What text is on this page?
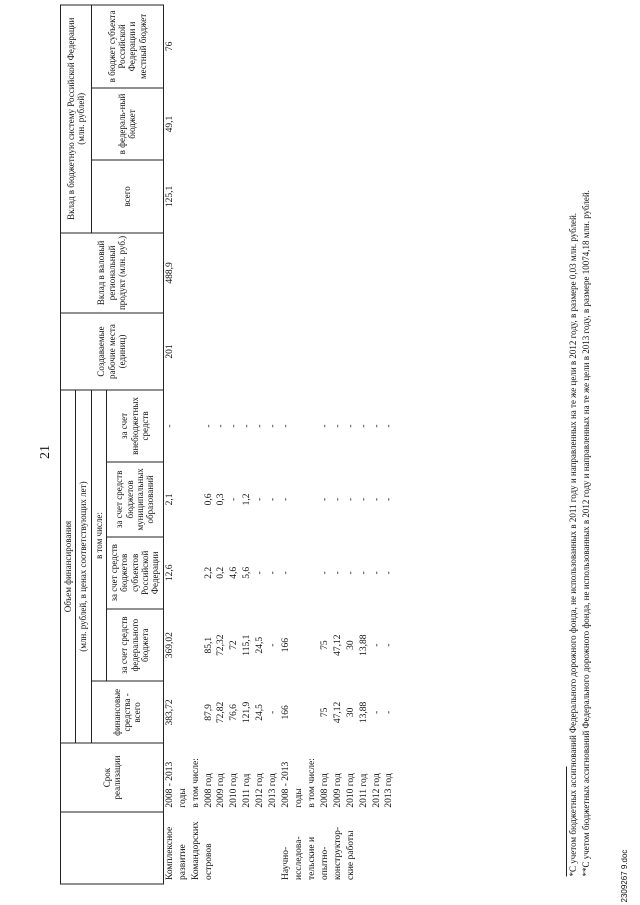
21
	Срок реализации	Объем финансирования					Создаваемые рабочие места (единиц)	Вклад в валовый региональный продукт (млн. руб.)	Вклад в бюджетную систему Российской Федерации (млн. рублей)		
		(млн. рублей, в ценах соответствующих лет)									
		финансовые средства - всего	в том числе:						всего	в федераль-ный бюджет	в бюджет субъекта Российской Федерации и местный бюджет
			за счет средств федерального бюджета	за счет средств бюджетов субъектов Российской Федерации	за счет средств бюджетов муниципальных образований	за счет внебюджетных средств					
Комплексное	2008 - 2013	383,72	369,02	12,6	2,1	-	201	488,9	125,1	49,1	76
развитие	годы										
Командорских	в том числе:										
островов	2008 год	87,9	85,1	2,2	0,6	-					
	2009 год	72,82	72,32	0,2	0,3	-					
	2010 год	76,6	72	4,6	-	-					
	2011 год	121,9	115,1	5,6	1,2	-					
	2012 год	24,5	24,5	-	-	-					
	2013 год	-	-	-	-	-					
Научно-	2008 - 2013	166	166	-	-	-					
исследова-	годы										
тельские и	в том числе:										
опытно-	2008 год	75	75	-	-	-					
конструктор-	2009 год	47,12	47,12	-	-	-					
ские работы	2010 год	30	30	-	-	-					
	2011 год	13,88	13,88	-	-	-					
	2012 год	-	-	-	-	-					
	2013 год	-	-	-	-	-						*С учетом бюджетных ассигнований Федерального дорожного фонда, не использованных в 2011 году и направленных на те же цели в 2012 году, в размере 0,03 млн. рублей. **С учетом бюджетных ассигнований Федерального дорожного фонда, не использованных в 2012 году и направленных на те же цели в 2013 году, в размере 10074,18 млн. рублей.	2309267 9.doc
